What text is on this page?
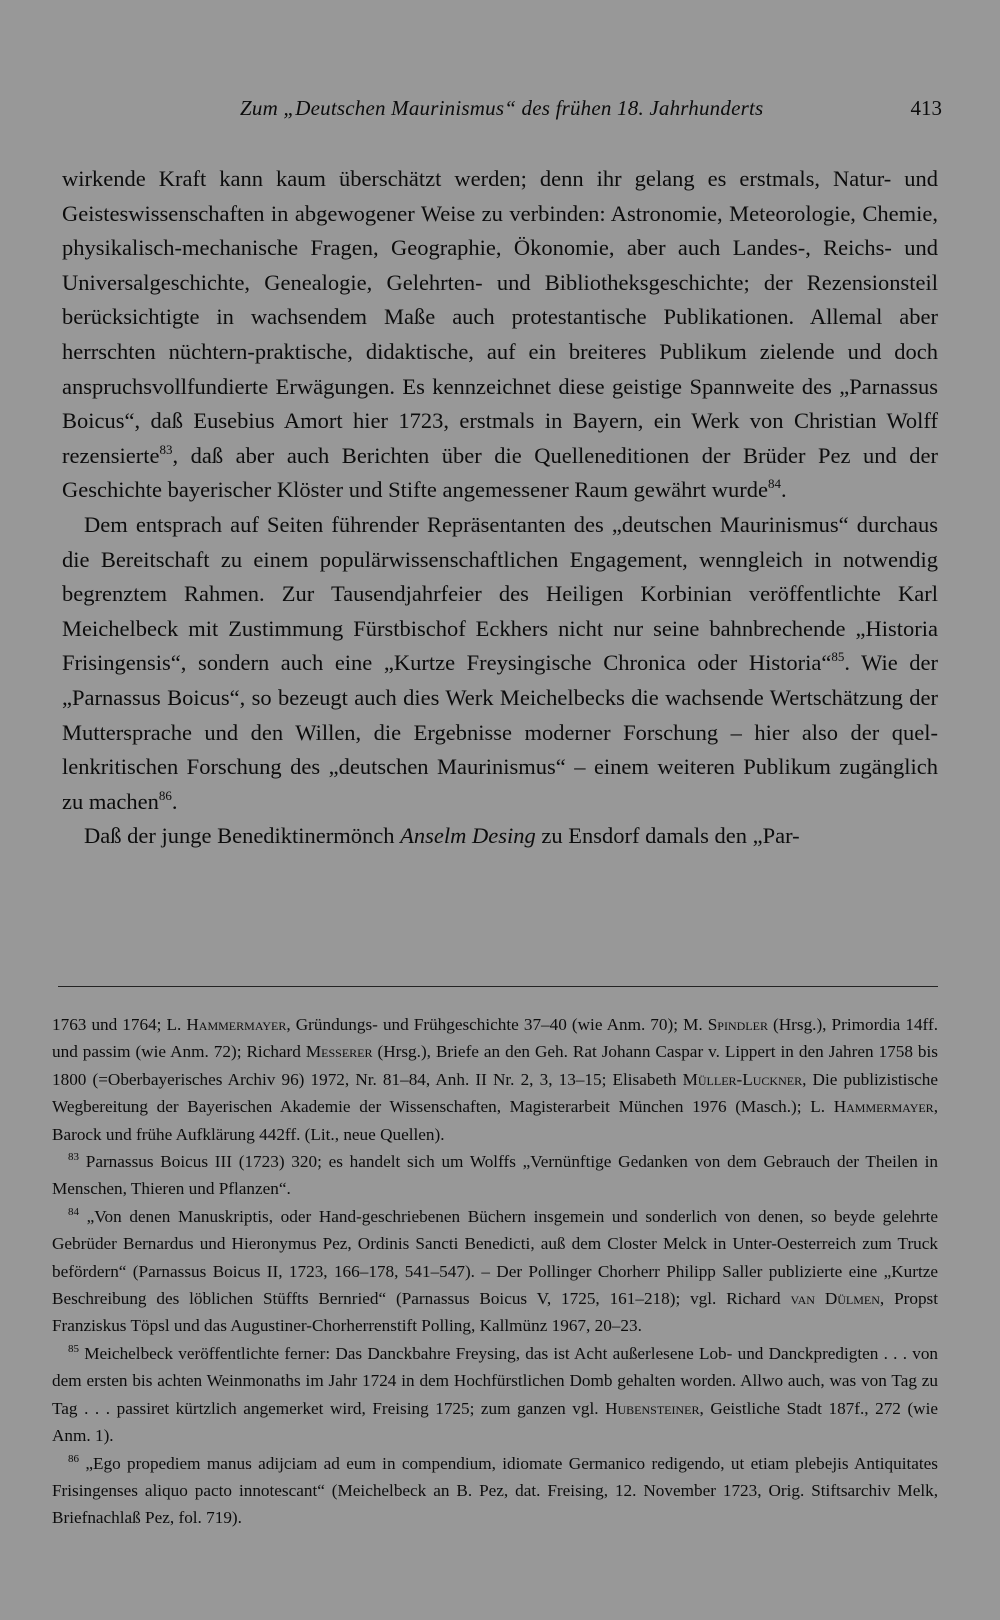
Zum „Deutschen Maurinismus“ des frühen 18. Jahrhunderts	413

wirkende Kraft kann kaum überschätzt werden; denn ihr gelang es erstmals, Natur- und Geisteswissenschaften in abgewogener Weise zu verbinden: Astronomie, Meteorologie, Chemie, physikalisch-mechanische Fragen, Geographie, Ökonomie, aber auch Landes-, Reichs- und Universalgeschichte, Genealogie, Gelehrten- und Bibliotheksgeschichte; der Rezensionsteil berücksichtigte in wachsendem Maße auch protestantische Publikationen. Allemal aber herrschten nüchtern-praktische, didaktische, auf ein breiteres Publikum zielende und doch anspruchsvollfundierte Erwägungen. Es kennzeichnet diese geistige Spannweite des „Parnassus Boicus“, daß Eusebius Amort hier 1723, erstmals in Bayern, ein Werk von Christian Wolff rezensierte$^{83}$, daß aber auch Berichten über die Quelleneditionen der Brüder Pez und der Geschichte bayerischer Klöster und Stifte angemessener Raum gewährt wurde$^{84}$.

Dem entsprach auf Seiten führender Repräsentanten des „deutschen Maurinismus“ durchaus die Bereitschaft zu einem populärwissenschaftlichen Engagement, wenngleich in notwendig begrenztem Rahmen. Zur Tausendjahrfeier des Heiligen Korbinian veröffentlichte Karl Meichelbeck mit Zustimmung Fürstbischof Eckhers nicht nur seine bahnbrechende „Historia Frisingensis“, sondern auch eine „Kurtze Freysingische Chronica oder Historia“$^{85}$. Wie der „Parnassus Boicus“, so bezeugt auch dies Werk Meichelbecks die wachsende Wertschätzung der Muttersprache und den Willen, die Ergebnisse moderner Forschung – hier also der quellenkritischen Forschung des „deutschen Maurinismus“ – einem weiteren Publikum zugänglich zu machen$^{86}$.

Daß der junge Benediktinermönch Anselm Desing zu Ensdorf damals den „Par-

1763 und 1764; L. Hammermayer, Gründungs- und Frühgeschichte 37–40 (wie Anm. 70); M. Spindler (Hrsg.), Primordia 14ff. und passim (wie Anm. 72); Richard Messerer (Hrsg.), Briefe an den Geh. Rat Johann Caspar v. Lippert in den Jahren 1758 bis 1800 (=Oberbayerisches Archiv 96) 1972, Nr. 81–84, Anh. II Nr. 2, 3, 13–15; Elisabeth Müller-Luckner, Die publizistische Wegbereitung der Bayerischen Akademie der Wissenschaften, Magisterarbeit München 1976 (Masch.); L. Hammermayer, Barock und frühe Aufklärung 442ff. (Lit., neue Quellen).

$^{83}$ Parnassus Boicus III (1723) 320; es handelt sich um Wolffs „Vernünftige Gedanken von dem Gebrauch der Theilen in Menschen, Thieren und Pflanzen“.

$^{84}$ „Von denen Manuskriptis, oder Hand-geschriebenen Büchern insgemein und sonderlich von denen, so beyde gelehrte Gebrüder Bernardus und Hieronymus Pez, Ordinis Sancti Benedicti, auß dem Closter Melck in Unter-Oesterreich zum Truck befördern“ (Parnassus Boicus II, 1723, 166–178, 541–547). – Der Pollinger Chorherr Philipp Saller publizierte eine „Kurtze Beschreibung des löblichen Stüffts Bernried“ (Parnassus Boicus V, 1725, 161–218); vgl. Richard van Dülmen, Propst Franziskus Töpsl und das Augustiner-Chorherrenstift Polling, Kallmünz 1967, 20–23.

$^{85}$ Meichelbeck veröffentlichte ferner: Das Danckbahre Freysing, das ist Acht außerlesene Lob- und Danckpredigten . . . von dem ersten bis achten Weinmonaths im Jahr 1724 in dem Hochfürstlichen Domb gehalten worden. Allwo auch, was von Tag zu Tag . . . passiret kürtzlich angemerket wird, Freising 1725; zum ganzen vgl. Hubensteiner, Geistliche Stadt 187f., 272 (wie Anm. 1).

$^{86}$ „Ego propediem manus adijciam ad eum in compendium, idiomate Germanico redigendo, ut etiam plebejis Antiquitates Frisingenses aliquo pacto innotescant“ (Meichelbeck an B. Pez, dat. Freising, 12. November 1723, Orig. Stiftsarchiv Melk, Briefnachlaß Pez, fol. 719).
